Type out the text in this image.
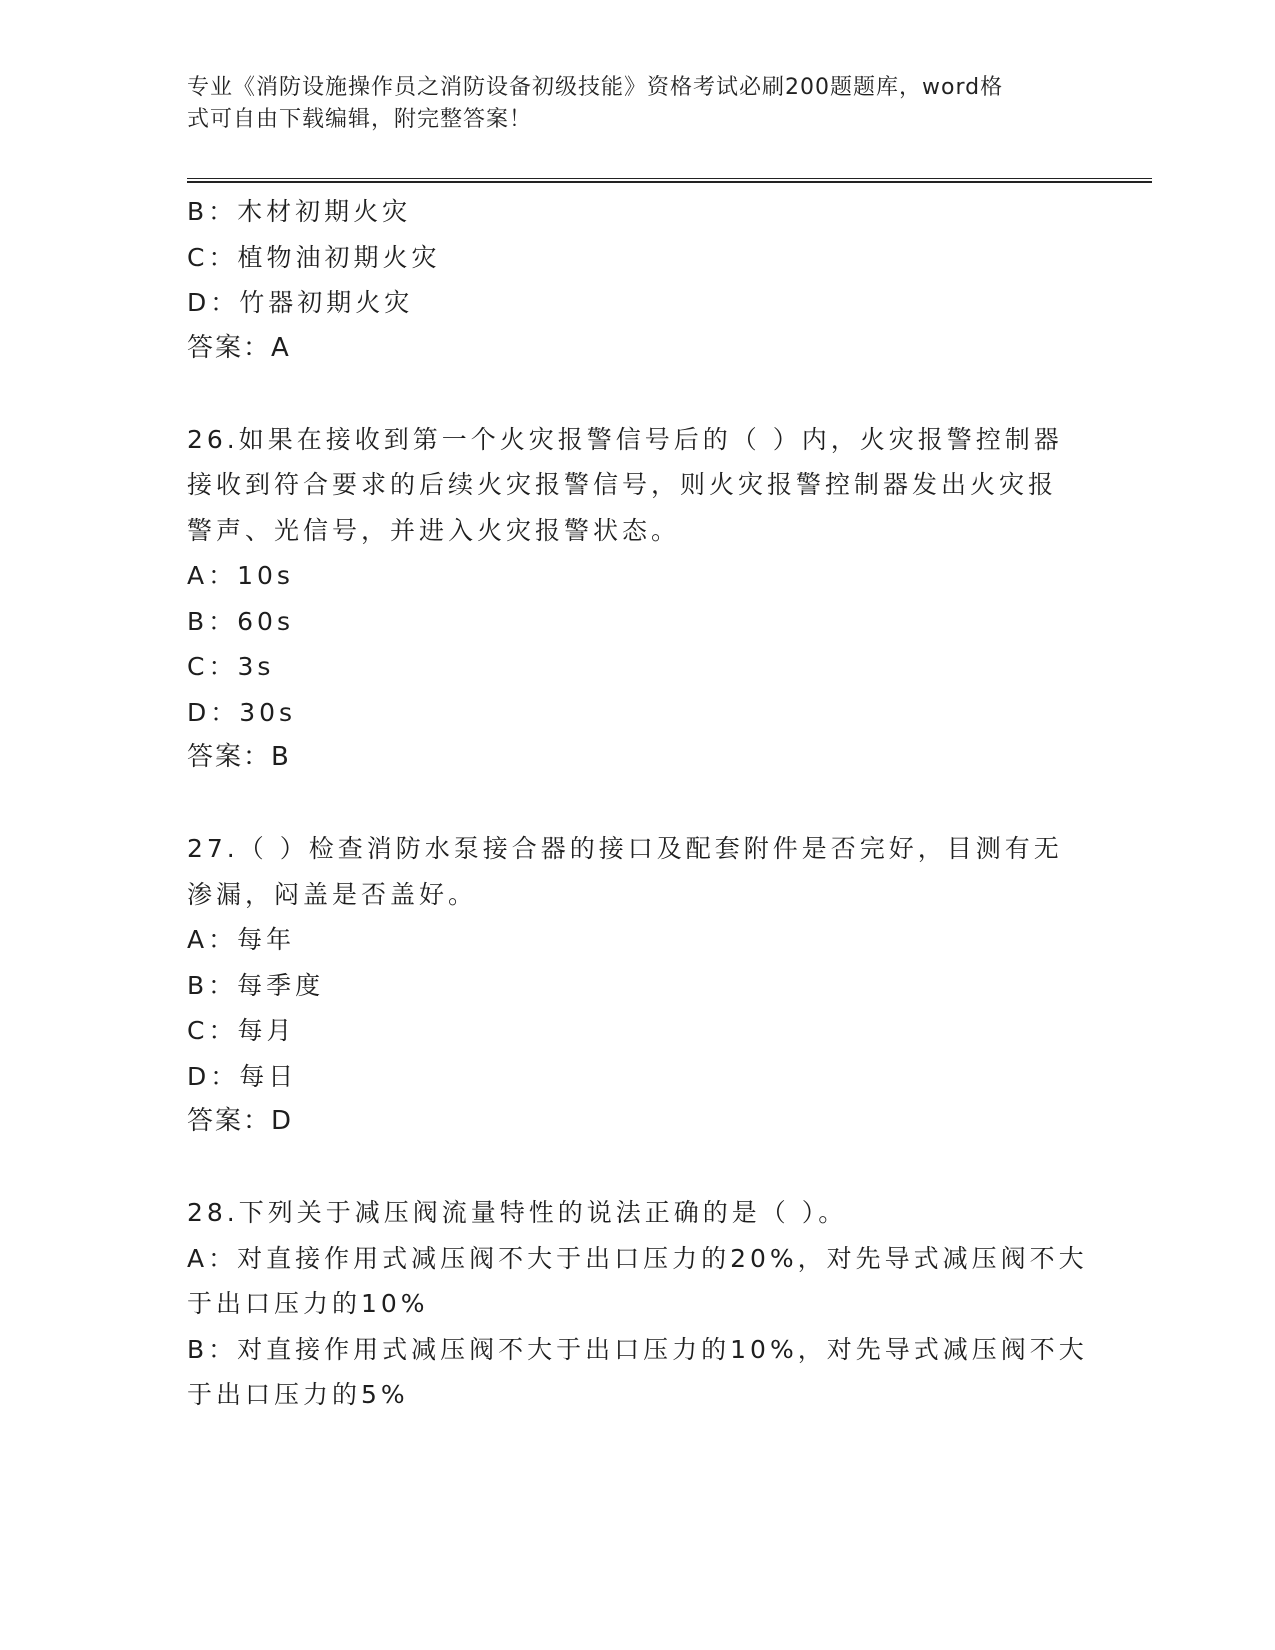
专业《消防设施操作员之消防设备初级技能》资格考试必刷200题题库，word格
式可自由下载编辑，附完整答案！
B：木材初期火灾
C：植物油初期火灾
D：竹器初期火灾
答案：A
26.如果在接收到第一个火灾报警信号后的（ ）内，火灾报警控制器
接收到符合要求的后续火灾报警信号，则火灾报警控制器发出火灾报
警声、光信号，并进入火灾报警状态。
A：10s
B：60s
C：3s
D：30s
答案：B
27.（ ）检查消防水泵接合器的接口及配套附件是否完好，目测有无
渗漏，闷盖是否盖好。
A：每年
B：每季度
C：每月
D：每日
答案：D
28.下列关于减压阀流量特性的说法正确的是（ ）。
A：对直接作用式减压阀不大于出口压力的20%，对先导式减压阀不大
于出口压力的10%
B：对直接作用式减压阀不大于出口压力的10%，对先导式减压阀不大
于出口压力的5%
